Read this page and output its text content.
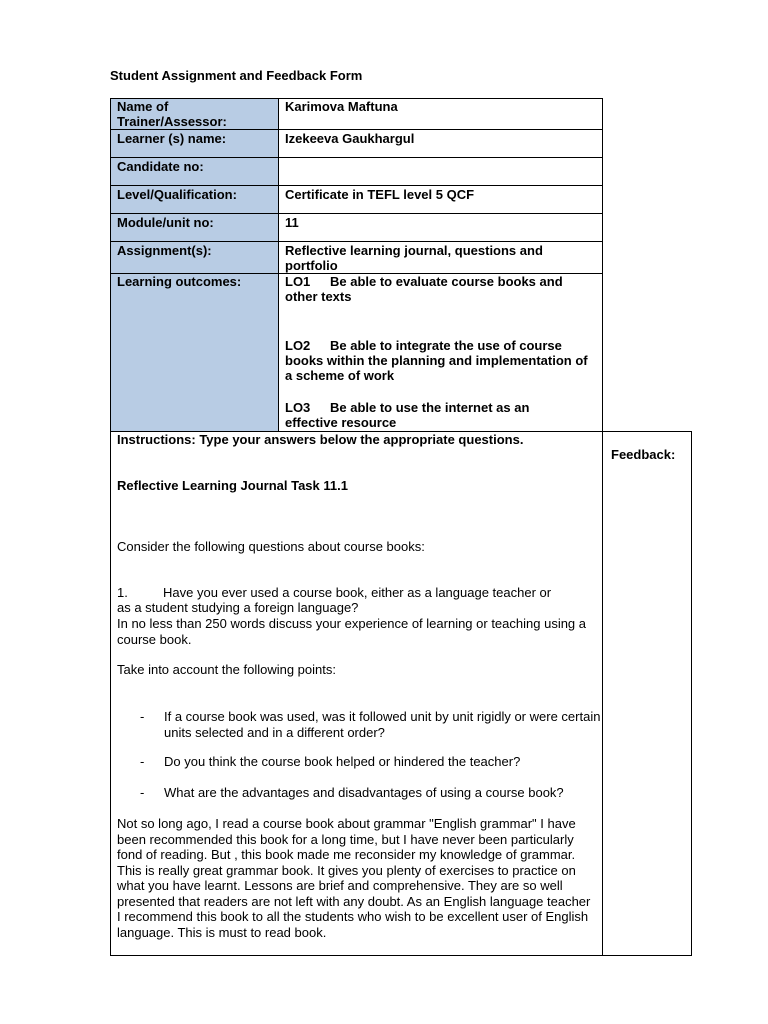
Student Assignment and Feedback Form
Name of Trainer/Assessor:
Karimova Maftuna
Learner (s) name:	Izekeeva Gaukhargul
Candidate no:
Level/Qualification:	Certificate in TEFL level 5 QCF
Module/unit no:	11
Assignment(s):	Reflective learning journal, questions and portfolio
Learning outcomes:	LO1 Be able to evaluate course books and other texts
LO2 Be able to integrate the use of course books within the planning and implementation of a scheme of work
LO3 Be able to use the internet as an effective resource
Instructions: Type your answers below the appropriate questions.
Feedback:
Reflective Learning Journal Task 11.1
Consider the following questions about course books:
1.	Have you ever used a course book, either as a language teacher or
as a student studying a foreign language?
In no less than 250 words discuss your experience of learning or teaching using a course book.
Take into account the following points:
- If a course book was used, was it followed unit by unit rigidly or were certain units selected and in a different order?
- Do you think the course book helped or hindered the teacher?
- What are the advantages and disadvantages of using a course book?
Not so long ago, I read a course book about grammar "English grammar" I have been recommended this book for a long time, but I have never been particularly fond of reading. But , this book made me reconsider my knowledge of grammar. This is really great grammar book. It gives you plenty of exercises to practice on what you have learnt. Lessons are brief and comprehensive. They are so well presented that readers are not left with any doubt. As an English language teacher I recommend this book to all the students who wish to be excellent user of English language. This is must to read book.
